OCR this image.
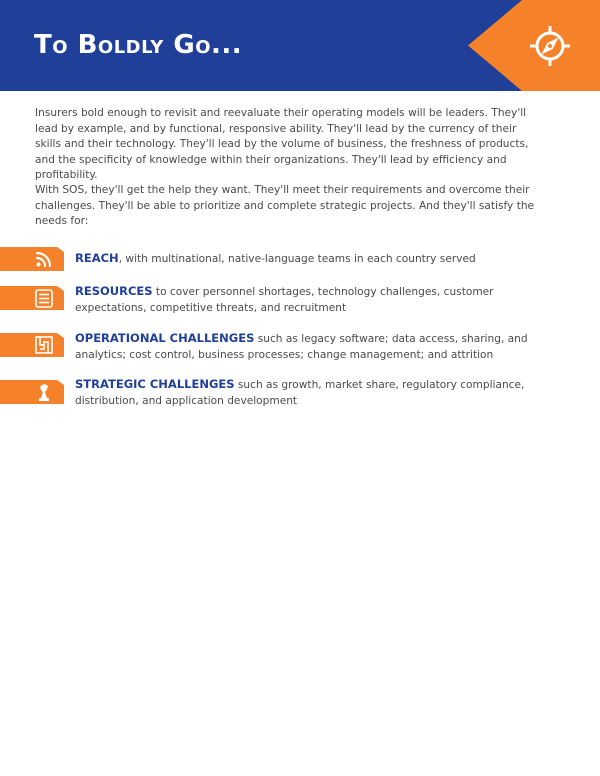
To Boldly Go...

Insurers bold enough to revisit and reevaluate their operating models will be leaders. They'll lead by example, and by functional, responsive ability. They'll lead by the currency of their skills and their technology. They'll lead by the volume of business, the freshness of products, and the specificity of knowledge within their organizations. They'll lead by efficiency and profitability.

With SOS, they'll get the help they want. They'll meet their requirements and overcome their challenges. They'll be able to prioritize and complete strategic projects. And they'll satisfy the needs for:

REACH, with multinational, native-language teams in each country served
RESOURCES to cover personnel shortages, technology challenges, customer expectations, competitive threats, and recruitment
OPERATIONAL CHALLENGES such as legacy software; data access, sharing, and analytics; cost control, business processes; change management; and attrition
STRATEGIC CHALLENGES such as growth, market share, regulatory compliance, distribution, and application development
